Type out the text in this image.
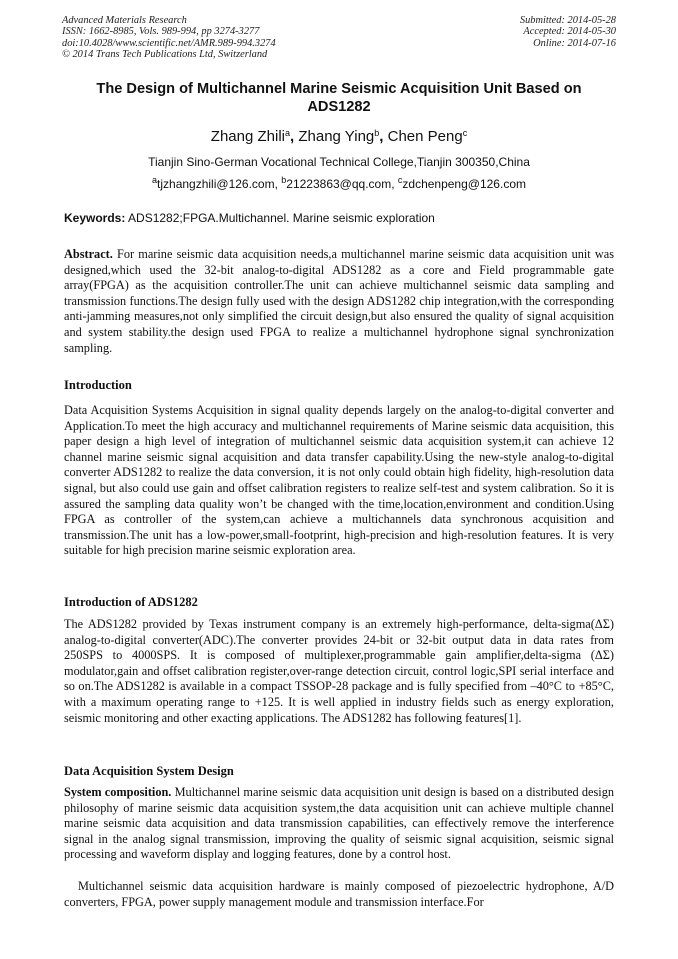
Advanced Materials Research
ISSN: 1662-8985, Vols. 989-994, pp 3274-3277
doi:10.4028/www.scientific.net/AMR.989-994.3274
© 2014 Trans Tech Publications Ltd, Switzerland
Submitted: 2014-05-28
Accepted: 2014-05-30
Online: 2014-07-16
The Design of Multichannel Marine Seismic Acquisition Unit Based on
ADS1282
Zhang Zhili$^a$, Zhang Ying$^b$, Chen Peng$^c$
Tianjin Sino-German Vocational Technical College,Tianjin 300350,China
$^a$tjzhangzhili@126.com, $^b$21223863@qq.com, $^c$zdchenpeng@126.com
Keywords: ADS1282;FPGA.Multichannel. Marine seismic exploration
Abstract. For marine seismic data acquisition needs,a multichannel marine seismic data acquisition unit was designed,which used the 32-bit analog-to-digital ADS1282 as a core and Field programmable gate array(FPGA) as the acquisition controller.The unit can achieve multichannel seismic data sampling and transmission functions.The design fully used with the design ADS1282 chip integration,with the corresponding anti-jamming measures,not only simplified the circuit design,but also ensured the quality of signal acquisition and system stability.the design used FPGA to realize a multichannel hydrophone signal synchronization sampling.
Introduction
Data Acquisition Systems Acquisition in signal quality depends largely on the analog-to-digital converter and Application.To meet the high accuracy and multichannel requirements of Marine seismic data acquisition, this paper design a high level of integration of multichannel seismic data acquisition system,it can achieve 12 channel marine seismic signal acquisition and data transfer capability.Using the new-style analog-to-digital converter ADS1282 to realize the data conversion, it is not only could obtain high fidelity, high-resolution data signal, but also could use gain and offset calibration registers to realize self-test and system calibration. So it is assured the sampling data quality won’t be changed with the time,location,environment and condition.Using FPGA as controller of the system,can achieve a multichannels data synchronous acquisition and transmission.The unit has a low-power,small-footprint, high-precision and high-resolution features. It is very suitable for high precision marine seismic exploration area.
Introduction of ADS1282
The ADS1282 provided by Texas instrument company is an extremely high-performance, delta-sigma(ΔΣ) analog-to-digital converter(ADC).The converter provides 24-bit or 32-bit output data in data rates from 250SPS to 4000SPS. It is composed of multiplexer,programmable gain amplifier,delta-sigma (ΔΣ) modulator,gain and offset calibration register,over-range detection circuit, control logic,SPI serial interface and so on.The ADS1282 is available in a compact TSSOP-28 package and is fully specified from –40°C to +85°C, with a maximum operating range to +125. It is well applied in industry fields such as energy exploration, seismic monitoring and other exacting applications. The ADS1282 has following features[1].
Data Acquisition System Design
System composition. Multichannel marine seismic data acquisition unit design is based on a distributed design philosophy of marine seismic data acquisition system,the data acquisition unit can achieve multiple channel marine seismic data acquisition and data transmission capabilities, can effectively remove the interference signal in the analog signal transmission, improving the quality of seismic signal acquisition, seismic signal processing and waveform display and logging features, done by a control host.
Multichannel seismic data acquisition hardware is mainly composed of piezoelectric hydrophone, A/D converters, FPGA, power supply management module and transmission interface.For
